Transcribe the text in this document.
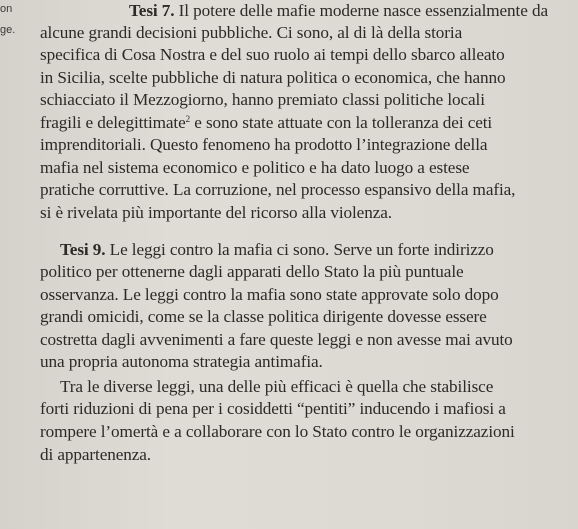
on
ge.
Tesi 7. Il potere delle mafie moderne nasce essenzialmente da
alcune grandi decisioni pubbliche. Ci sono, al di là della storia
specifica di Cosa Nostra e del suo ruolo ai tempi dello sbarco alleato
in Sicilia, scelte pubbliche di natura politica o economica, che hanno
schiacciato il Mezzogiorno, hanno premiato classi politiche locali
fragili e delegittimate$^2$ e sono state attuate con la tolleranza dei ceti
imprenditoriali. Questo fenomeno ha prodotto l’integrazione della
mafia nel sistema economico e politico e ha dato luogo a estese
pratiche corruttive. La corruzione, nel processo espansivo della mafia,
si è rivelata più importante del ricorso alla violenza.
Tesi 9. Le leggi contro la mafia ci sono. Serve un forte indirizzo
politico per ottenerne dagli apparati dello Stato la più puntuale
osservanza. Le leggi contro la mafia sono state approvate solo dopo
grandi omicidi, come se la classe politica dirigente dovesse essere
costretta dagli avvenimenti a fare queste leggi e non avesse mai avuto
una propria autonoma strategia antimafia.
Tra le diverse leggi, una delle più efficaci è quella che stabilisce
forti riduzioni di pena per i cosiddetti “pentiti” inducendo i mafiosi a
rompere l’omertà e a collaborare con lo Stato contro le organizzazioni
di appartenenza.
